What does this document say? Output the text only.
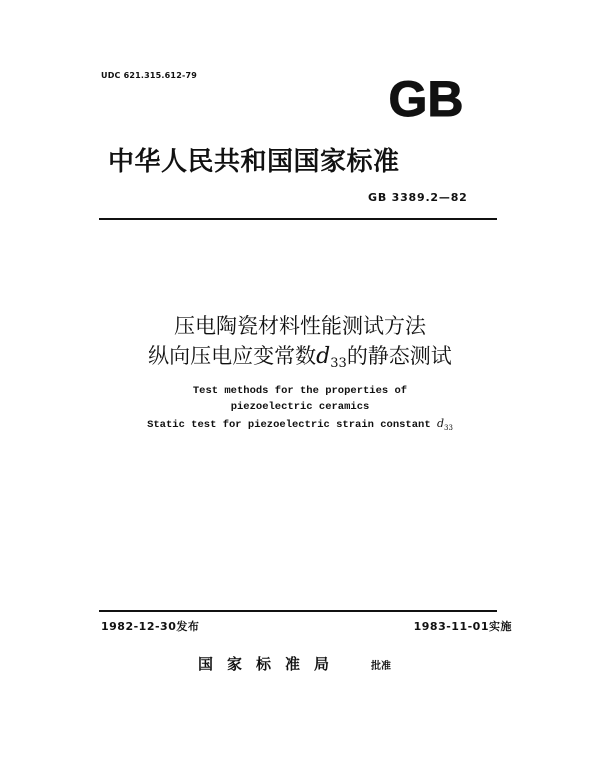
UDC 621.315.612-79	GB
中华人民共和国国家标准
GB 3389.2—82
压电陶瓷材料性能测试方法
纵向压电应变常数$d_{33}$的静态测试
Test methods for the properties of
piezoelectric ceramics
Static test for piezoelectric strain constant $d_{33}$
1982-12-30发布	1983-11-01实施
国家标准局	批准
